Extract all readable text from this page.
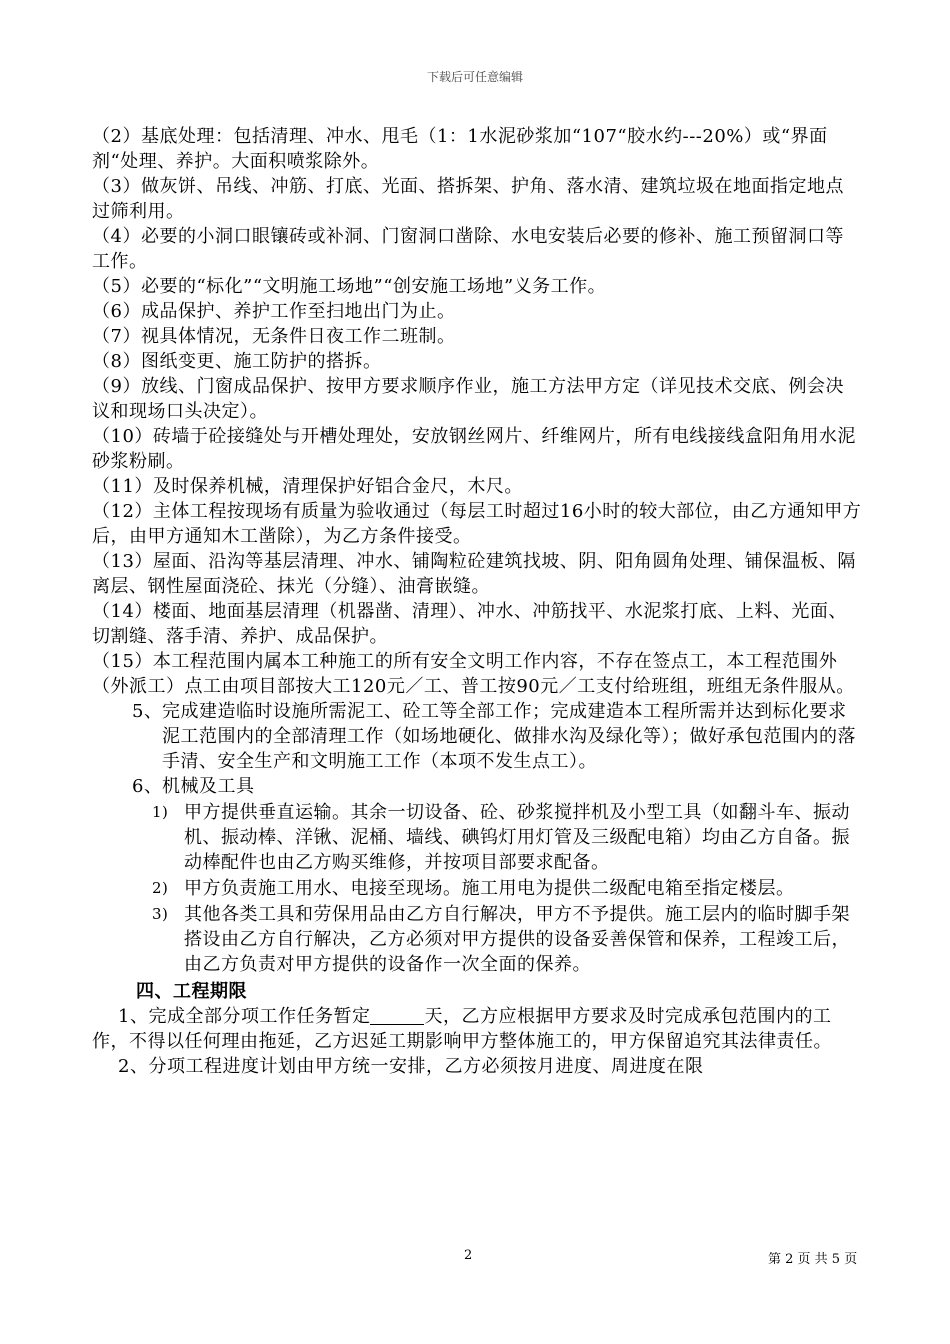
下载后可任意编辑

（2）基底处理：包括清理、冲水、甩毛（1：1水泥砂浆加“107“胶水约---20%）或“界面剂“处理、养护。大面积喷浆除外。

（3）做灰饼、吊线、冲筋、打底、光面、搭拆架、护角、落水清、建筑垃圾在地面指定地点过筛利用。

（4）必要的小洞口眼镶砖或补洞、门窗洞口凿除、水电安装后必要的修补、施工预留洞口等工作。

（5）必要的“标化”“文明施工场地”“创安施工场地”义务工作。

（6）成品保护、养护工作至扫地出门为止。

（7）视具体情况，无条件日夜工作二班制。

（8）图纸变更、施工防护的搭拆。

（9）放线、门窗成品保护、按甲方要求顺序作业，施工方法甲方定（详见技术交底、例会决议和现场口头决定）。

（10）砖墙于砼接缝处与开槽处理处，安放钢丝网片、纤维网片，所有电线接线盒阳角用水泥砂浆粉刷。

（11）及时保养机械，清理保护好铝合金尺，木尺。

（12）主体工程按现场有质量为验收通过（每层工时超过16小时的较大部位，由乙方通知甲方后，由甲方通知木工凿除），为乙方条件接受。

（13）屋面、沿沟等基层清理、冲水、铺陶粒砼建筑找坡、阴、阳角圆角处理、铺保温板、隔离层、钢性屋面浇砼、抹光（分缝）、油膏嵌缝。

（14）楼面、地面基层清理（机器凿、清理）、冲水、冲筋找平、水泥浆打底、上料、光面、切割缝、落手清、养护、成品保护。

（15）本工程范围内属本工种施工的所有安全文明工作内容，不存在签点工，本工程范围外（外派工）点工由项目部按大工120元／工、普工按90元／工支付给班组，班组无条件服从。

5、 完成建造临时设施所需泥工、砼工等全部工作；完成建造本工程所需并达到标化要求泥工范围内的全部清理工作（如场地硬化、做排水沟及绿化等）；做好承包范围内的落手清、安全生产和文明施工工作（本项不发生点工）。
6、 机械及工具
1) 甲方提供垂直运输。其余一切设备、砼、砂浆搅拌机及小型工具（如翻斗车、振动机、振动棒、洋锹、泥桶、墙线、碘钨灯用灯管及三级配电箱）均由乙方自备。振动棒配件也由乙方购买维修，并按项目部要求配备。
2) 甲方负责施工用水、电接至现场。施工用电为提供二级配电箱至指定楼层。
3) 其他各类工具和劳保用品由乙方自行解决，甲方不予提供。施工层内的临时脚手架搭设由乙方自行解决，乙方必须对甲方提供的设备妥善保管和保养，工程竣工后，由乙方负责对甲方提供的设备作一次全面的保养。
四、工程期限

1、完成全部分项工作任务暂定	天，乙方应根据甲方要求及时完成承包范围内的工作，不得以任何理由拖延，乙方迟延工期影响甲方整体施工的，甲方保留追究其法律责任。

2、分项工程进度计划由甲方统一安排，乙方必须按月进度、周进度在限

2	第 2 页 共 5 页
